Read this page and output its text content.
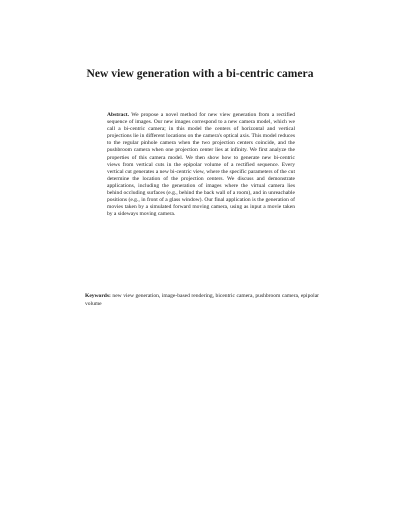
New view generation with a bi-centric camera

Abstract. We propose a novel method for new view generation from a rectified sequence of images. Our new images correspond to a new camera model, which we call a bi-centric camera; in this model the centers of horizontal and vertical projections lie in different locations on the camera's optical axis. This model reduces to the regular pinhole camera when the two projection centers coincide, and the pushbroom camera when one projection center lies at infinity. We first analyze the properties of this camera model. We then show how to generate new bi-centric views from vertical cuts in the epipolar volume of a rectified sequence. Every vertical cut generates a new bi-centric view, where the specific parameters of the cut determine the location of the projection centers. We discuss and demonstrate applications, including the generation of images where the virtual camera lies behind occluding surfaces (e.g., behind the back wall of a room), and in unreachable positions (e.g., in front of a glass window). Our final application is the generation of movies taken by a simulated forward moving camera, using as input a movie taken by a sideways moving camera.

Keywords: new view generation, image-based rendering, bicentric camera, pushbroom camera, epipolar volume
